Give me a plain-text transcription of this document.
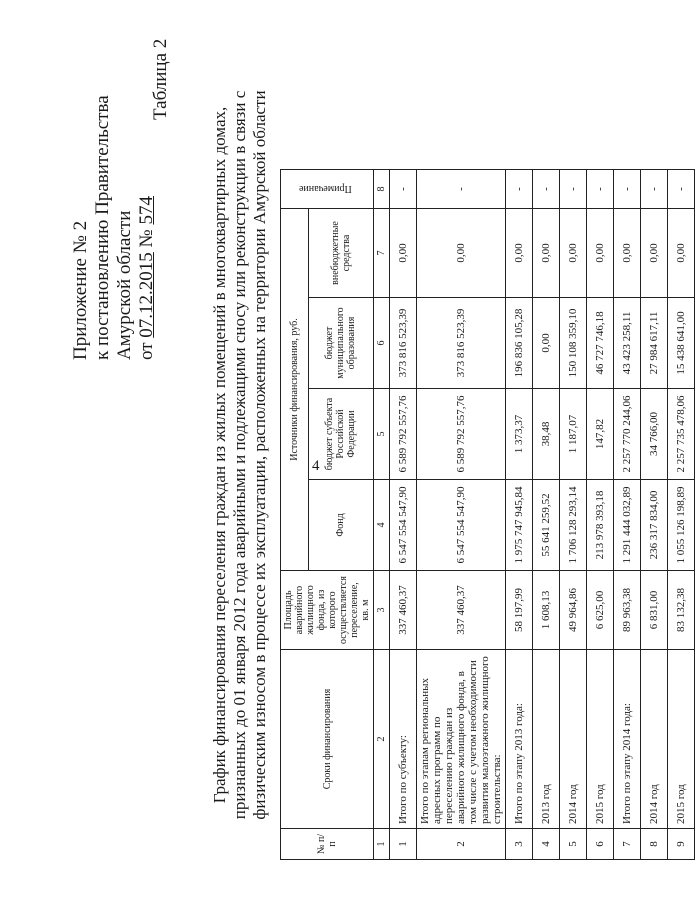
4
Приложение № 2 к постановлению Правительства Амурской области от 07.12.2015 № 574
Таблица 2
График финансирования переселения граждан из жилых помещений в многоквартирных домах, признанных до 01 января 2012 года аварийными и подлежащими сносу или реконструкции в связи с физическим износом в процессе их эксплуатации, расположенных на территории Амурской области
№ п/п	Сроки финансирования	Площадь аварийного жилищного фонда, из которого осуществляется переселение, кв. м	Источники финансирования, руб.				Примечание
			Фонд	бюджет субъекта Российской Федерации	бюджет муниципального образования	внебюджетные средства	
1	2	3	4	5	6	7	8
1	Итого по субъекту:	337 460,37	6 547 554 547,90	6 589 792 557,76	373 816 523,39	0,00	-
2	Итого по этапам региональных адресных программ по переселению граждан из аварийного жилищного фонда, в том числе с учетом необходимости развития малоэтажного жилищного строительства:	337 460,37	6 547 554 547,90	6 589 792 557,76	373 816 523,39	0,00	-
3	Итого по этапу 2013 года:	58 197,99	1 975 747 945,84	1 373,37	196 836 105,28	0,00	-
4	2013 год	1 608,13	55 641 259,52	38,48	0,00	0,00	-
5	2014 год	49 964,86	1 706 128 293,14	1 187,07	150 108 359,10	0,00	-
6	2015 год	6 625,00	213 978 393,18	147,82	46 727 746,18	0,00	-
7	Итого по этапу 2014 года:	89 963,38	1 291 444 032,89	2 257 770 244,06	43 423 258,11	0,00	-
8	2014 год	6 831,00	236 317 834,00	34 766,00	27 984 617,11	0,00	-
9	2015 год	83 132,38	1 055 126 198,89	2 257 735 478,06	15 438 641,00	0,00	-
